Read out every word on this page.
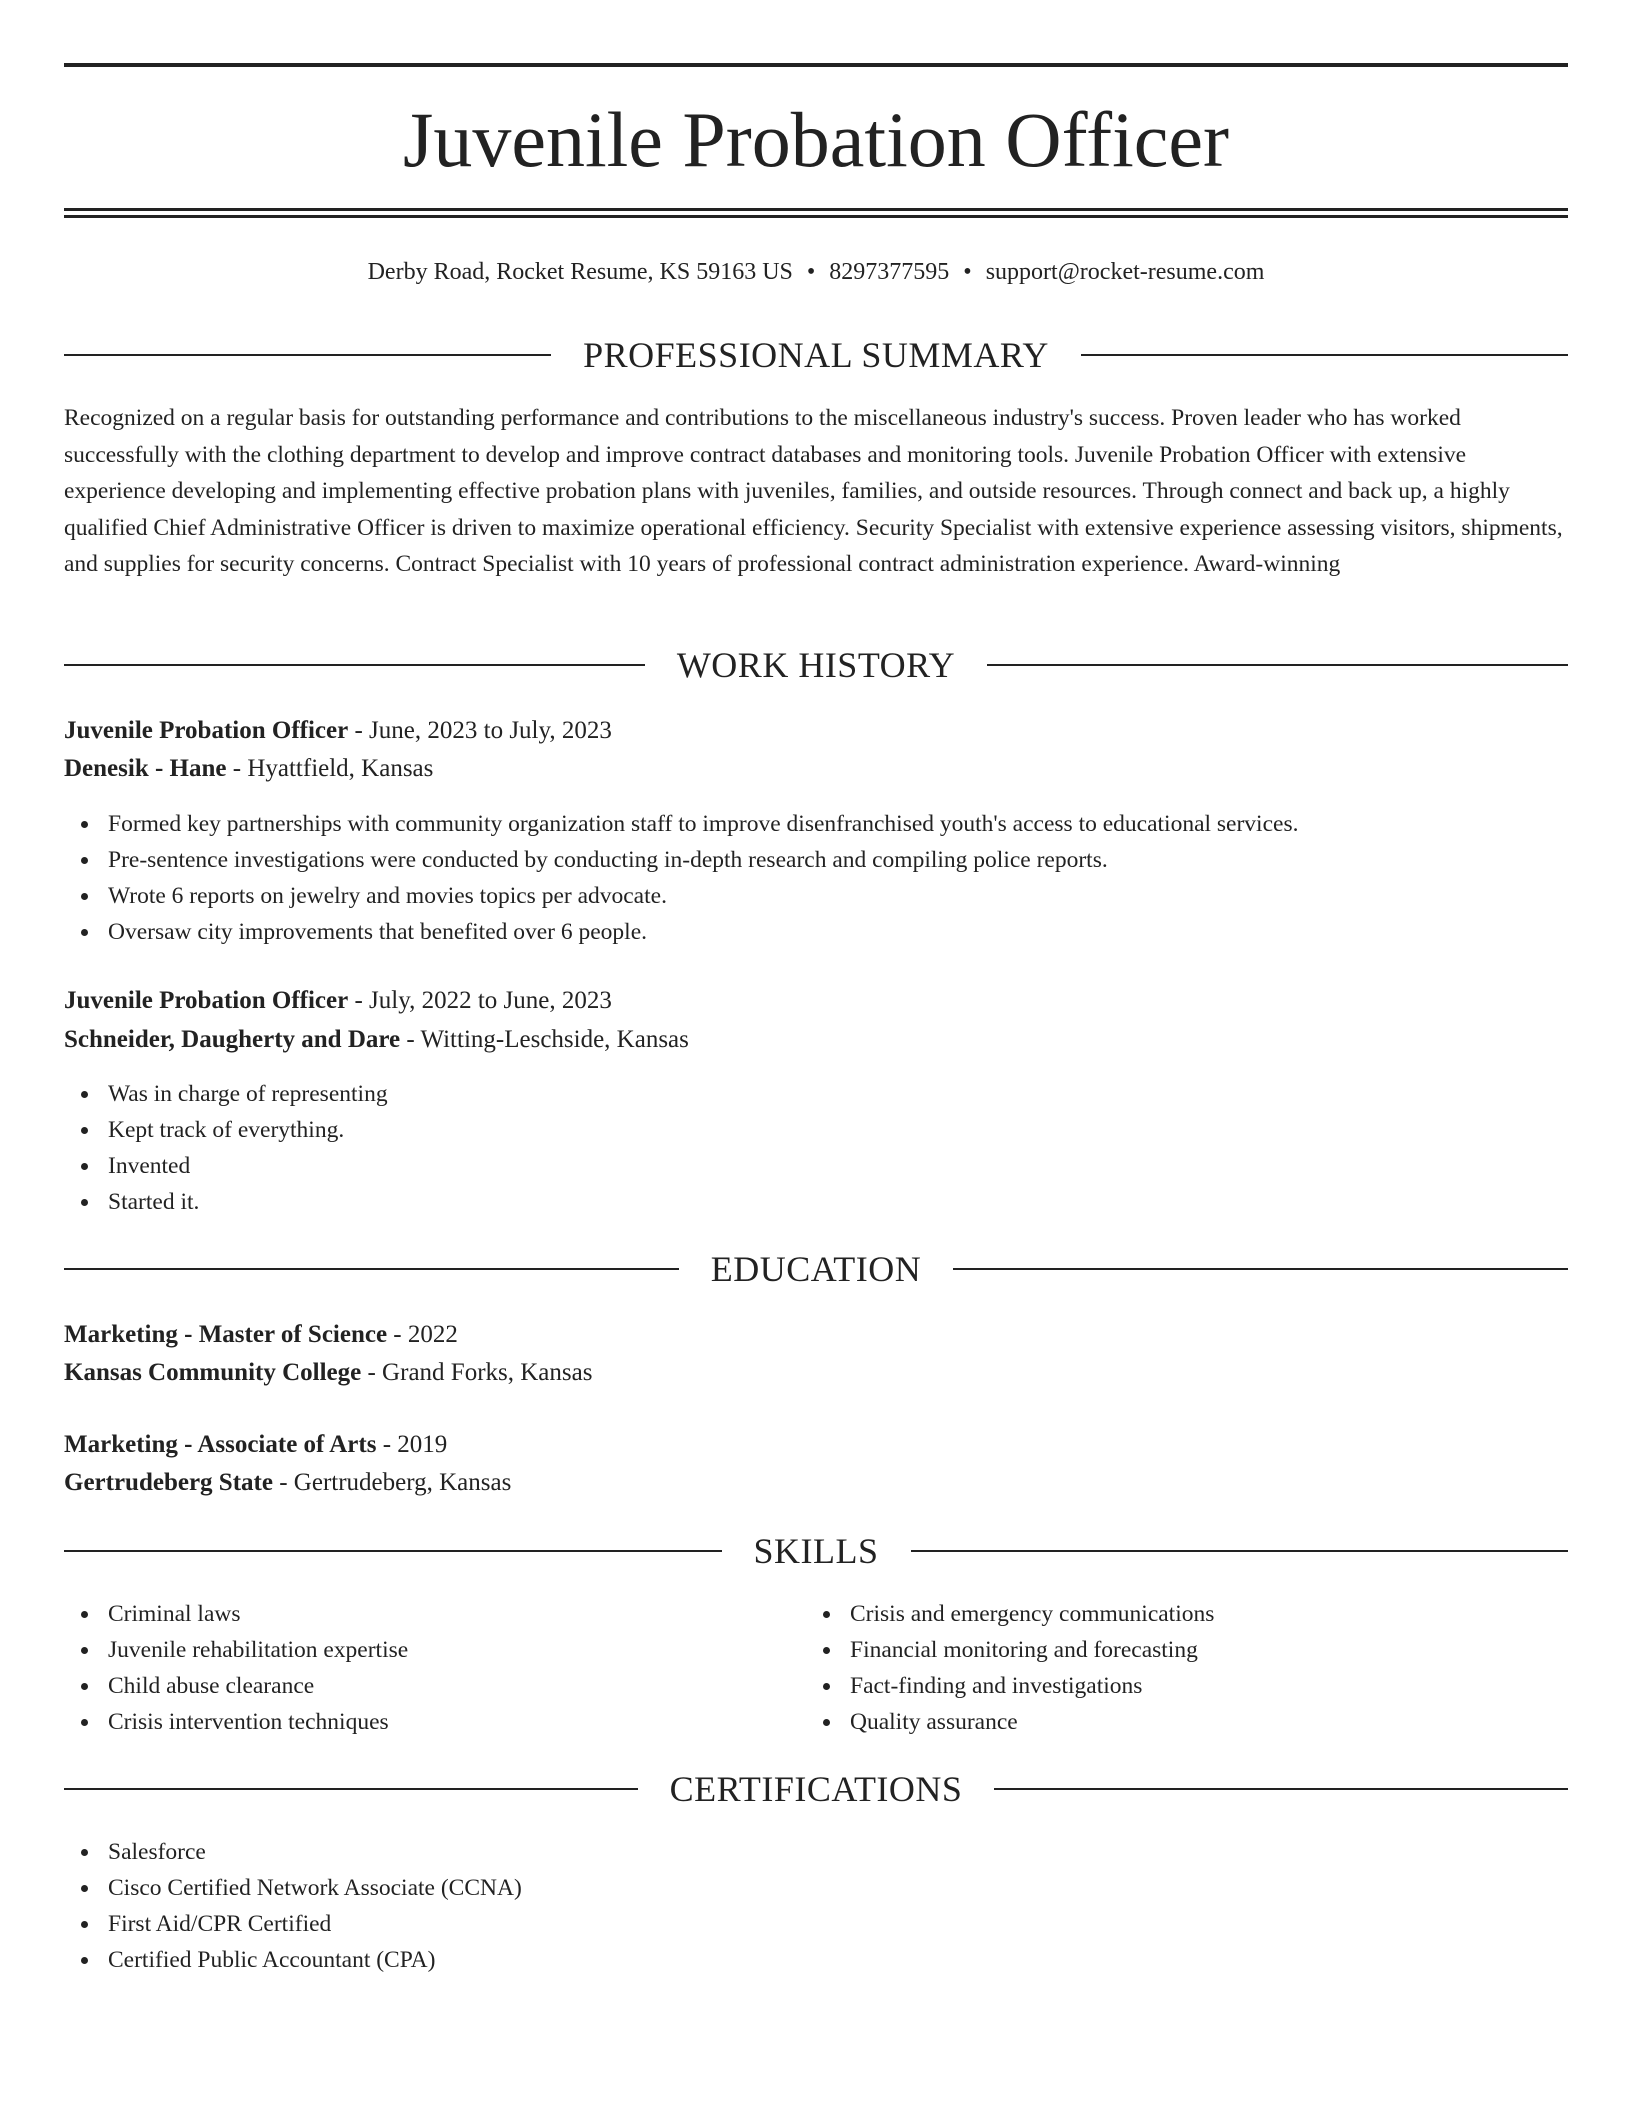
Juvenile Probation Officer
Derby Road, Rocket Resume, KS 59163 US • 8297377595 • support@rocket-resume.com
PROFESSIONAL SUMMARY
Recognized on a regular basis for outstanding performance and contributions to the miscellaneous industry's success. Proven leader who has worked successfully with the clothing department to develop and improve contract databases and monitoring tools. Juvenile Probation Officer with extensive experience developing and implementing effective probation plans with juveniles, families, and outside resources. Through connect and back up, a highly qualified Chief Administrative Officer is driven to maximize operational efficiency. Security Specialist with extensive experience assessing visitors, shipments, and supplies for security concerns. Contract Specialist with 10 years of professional contract administration experience. Award-winning
WORK HISTORY
Juvenile Probation Officer - June, 2023 to July, 2023
Denesik - Hane - Hyattfield, Kansas
Formed key partnerships with community organization staff to improve disenfranchised youth's access to educational services.
Pre-sentence investigations were conducted by conducting in-depth research and compiling police reports.
Wrote 6 reports on jewelry and movies topics per advocate.
Oversaw city improvements that benefited over 6 people.
Juvenile Probation Officer - July, 2022 to June, 2023
Schneider, Daugherty and Dare - Witting-Leschside, Kansas
Was in charge of representing
Kept track of everything.
Invented
Started it.
EDUCATION
Marketing - Master of Science - 2022
Kansas Community College - Grand Forks, Kansas
Marketing - Associate of Arts - 2019
Gertrudeberg State - Gertrudeberg, Kansas
SKILLS
Criminal laws
Juvenile rehabilitation expertise
Child abuse clearance
Crisis intervention techniques
Crisis and emergency communications
Financial monitoring and forecasting
Fact-finding and investigations
Quality assurance
CERTIFICATIONS
Salesforce
Cisco Certified Network Associate (CCNA)
First Aid/CPR Certified
Certified Public Accountant (CPA)
